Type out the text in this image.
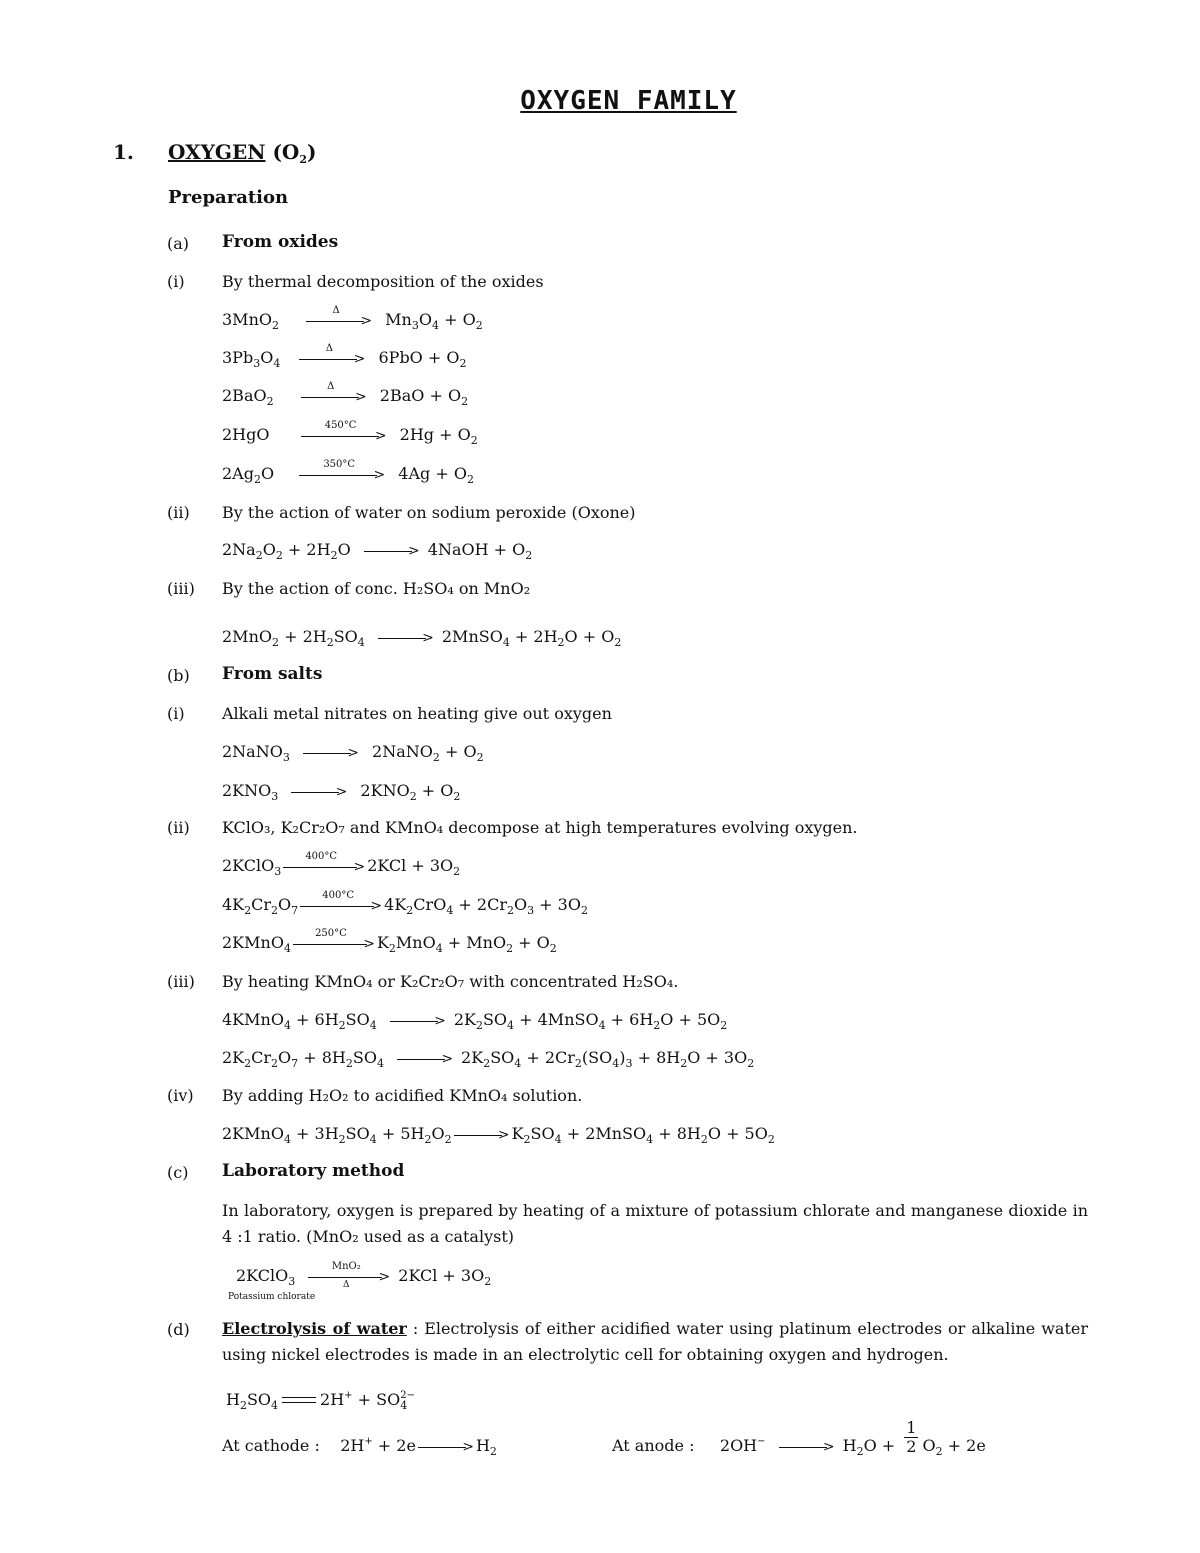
OXYGEN FAMILY
1. OXYGEN $(O_2)$
Preparation
(a) From oxides
(i) By thermal decomposition of the oxides
3MnO$_2$
Δ
> $Mn_3O_4 + O_2$
$3Pb_3O_4$
Δ
> $6PbO + O_2$
2BaO$_2$
Δ
> $2BaO + O_2$
2HgO	450°C
> $2Hg + O_2$
$2Ag_2O$	350°C
> $4Ag + O_2$
(ii) By the action of water on sodium peroxide (Oxone)
$2Na_2O_2 + 2H_2O$	> 4NaOH + $O_2$
(iii) By the action of conc. H₂SO₄ on MnO₂
$2MnO_2 + 2H_2SO_4$	> 2MnSO$_4$ + $2H_2O + O_2$
(b) From salts
(i) Alkali metal nitrates on heating give out oxygen
2NaNO$_3$	> 2NaNO$_2$ + $O_2$
$2KNO_3$	> $2KNO_2 + O_2$
(ii) KClO₃, K₂Cr₂O₇ and KMnO₄ decompose at high temperatures evolving oxygen.
2KClO$_3$
400°C
> $2KCl + 3O_2$
$4K_2Cr_2O_7$
400°C
> $4K_2CrO_4 + 2Cr_2O_3 + 3O_2$
2KMnO$_4$
250°C
> $K_2MnO_4 + MnO_2 + O_2$
(iii) By heating KMnO₄ or K₂Cr₂O₇ with concentrated H₂SO₄.
4KMnO$_4$ + $6H_2SO_4$	> $2K_2SO_4$ + 4MnSO$_4$ + $6H_2O + 5O_2$
$2K_2Cr_2O_7 + 8H_2SO_4$	> $2K_2SO_4 + 2Cr_2(SO_4)_3 + 8H_2O + 3O_2$
(iv) By adding H₂O₂ to acidified KMnO₄ solution.
2KMnO$_4$ + $3H_2SO_4 + 5H_2O_2$	> $K_2SO_4$ + 2MnSO$_4$ + $8H_2O + 5O_2$
(c) Laboratory method
In laboratory, oxygen is prepared by heating of a mixture of potassium chlorate and manganese dioxide in 4 :1 ratio. (MnO₂ used as a catalyst)
2KClO$_3$
MnO₂
>
Δ	$2KCl + 3O_2$
Potassium chlorate
(d) Electrolysis of water : Electrolysis of either acidified water using platinum electrodes or alkaline water using nickel electrodes is made in an electrolytic cell for obtaining oxygen and hydrogen.
$H_2SO_4$	$2H^+ + SO_4^{2-}$
At cathode :    2H+ + 2e	> $H_2$	At anode :     2OH−	> $H_2O + \frac{1}{2} O_2 + 2e$
